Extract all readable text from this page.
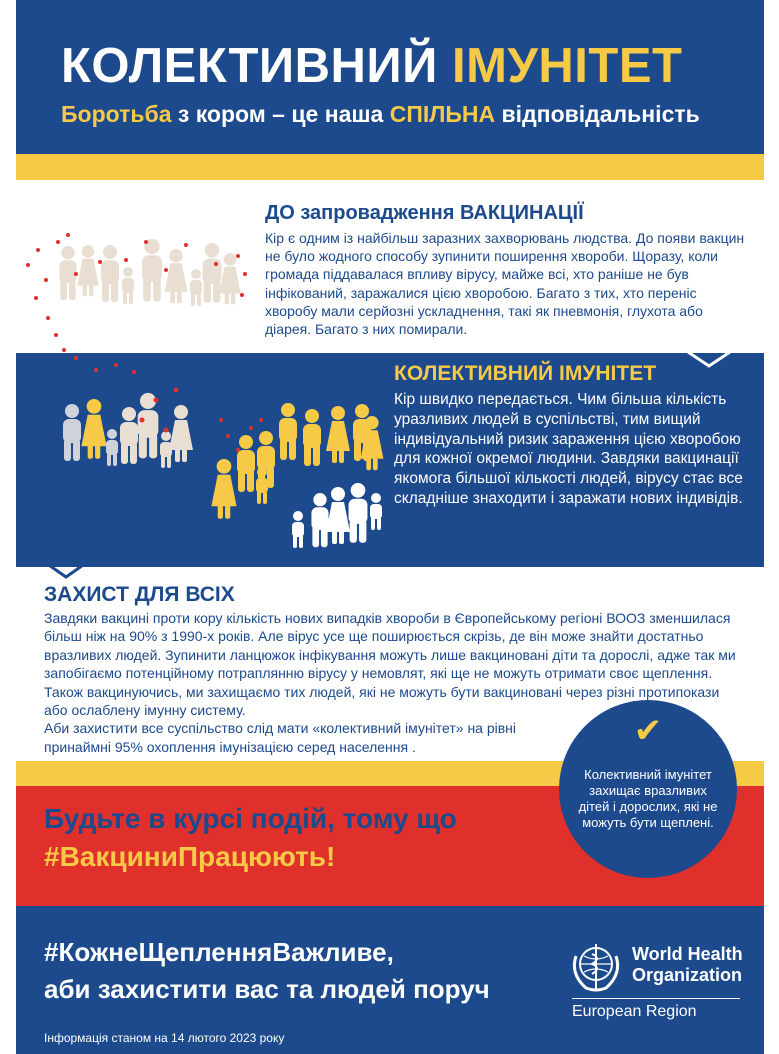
КОЛЕКТИВНИЙ ІМУНІТЕТ
Боротьба з кором – це наша СПІЛЬНА відповідальність
ДО запровадження ВАКЦИНАЦІЇ
Кір є одним із найбільш заразних захворювань людства. До появи вакцин не було жодного способу зупинити поширення хвороби. Щоразу, коли громада піддавалася впливу вірусу, майже всі, хто раніше не був інфікований, заражалися цією хворобою. Багато з тих, хто переніс хворобу мали серйозні ускладнення, такі як пневмонія, глухота або діарея. Багато з них помирали.
КОЛЕКТИВНИЙ ІМУНІТЕТ
Кір швидко передається. Чим більша кількість уразливих людей в суспільстві, тим вищий індивідуальний ризик зараження цією хворобою для кожної окремої людини. Завдяки вакцинації якомога більшої кількості людей, вірусу стає все складніше знаходити і заражати нових індивідів.
ЗАХИСТ ДЛЯ ВСІХ
Завдяки вакцині проти кору кількість нових випадків хвороби в Європейському регіоні ВООЗ зменшилася більш ніж на 90% з 1990-х років. Але вірус усе ще поширюється скрізь, де він може знайти достатньо вразливих людей. Зупинити ланцюжок інфікування можуть лише вакциновані діти та дорослі, адже так ми запобігаємо потенційному потраплянню вірусу у немовлят, які ще не можуть отримати своє щеплення. Також вакцинуючись, ми захищаємо тих людей, які не можуть бути вакциновані через різні протипокази або ослаблену імунну систему.
Аби захистити все суспільство слід мати «колективний імунітет» на рівні принаймні 95% охоплення імунізацією серед населення .
Будьте в курсі подій, тому що
#ВакциниПрацюють!
✔
Колективний імунітет захищає вразливих дітей і дорослих, які не можуть бути щеплені.
#КожнеЩепленняВажливе,
аби захистити вас та людей поруч
Інформація станом на 14 лютого 2023 року
World Health
Organization
European Region
